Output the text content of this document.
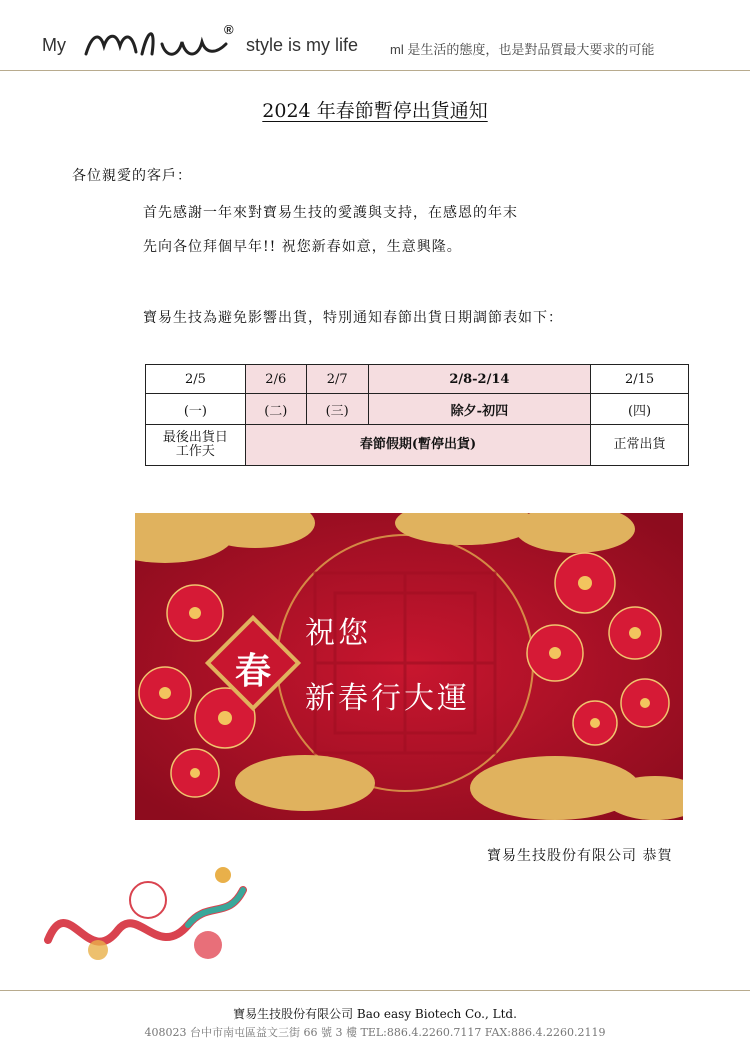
My
®
style is my life ml 是生活的態度，也是對品質最大要求的可能
2024 年春節暫停出貨通知
各位親愛的客戶：
首先感謝一年來對寶易生技的愛護與支持，在感恩的年末
先向各位拜個早年!! 祝您新春如意，生意興隆。
寶易生技為避免影響出貨，特別通知春節出貨日期調節表如下：
2/5	2/6	2/7	2/8-2/14	2/15
(一)	(二)	(三)	除夕-初四	(四)

最後出貨日
工作天	春節假期(暫停出貨)			正常出貨
春
祝您
新春行大運
寶易生技股份有限公司 恭賀
寶易生技股份有限公司 Bao easy Biotech Co., Ltd.
408023 台中市南屯區益文三街 66 號 3 樓 TEL:886.4.2260.7117 FAX:886.4.2260.2119
